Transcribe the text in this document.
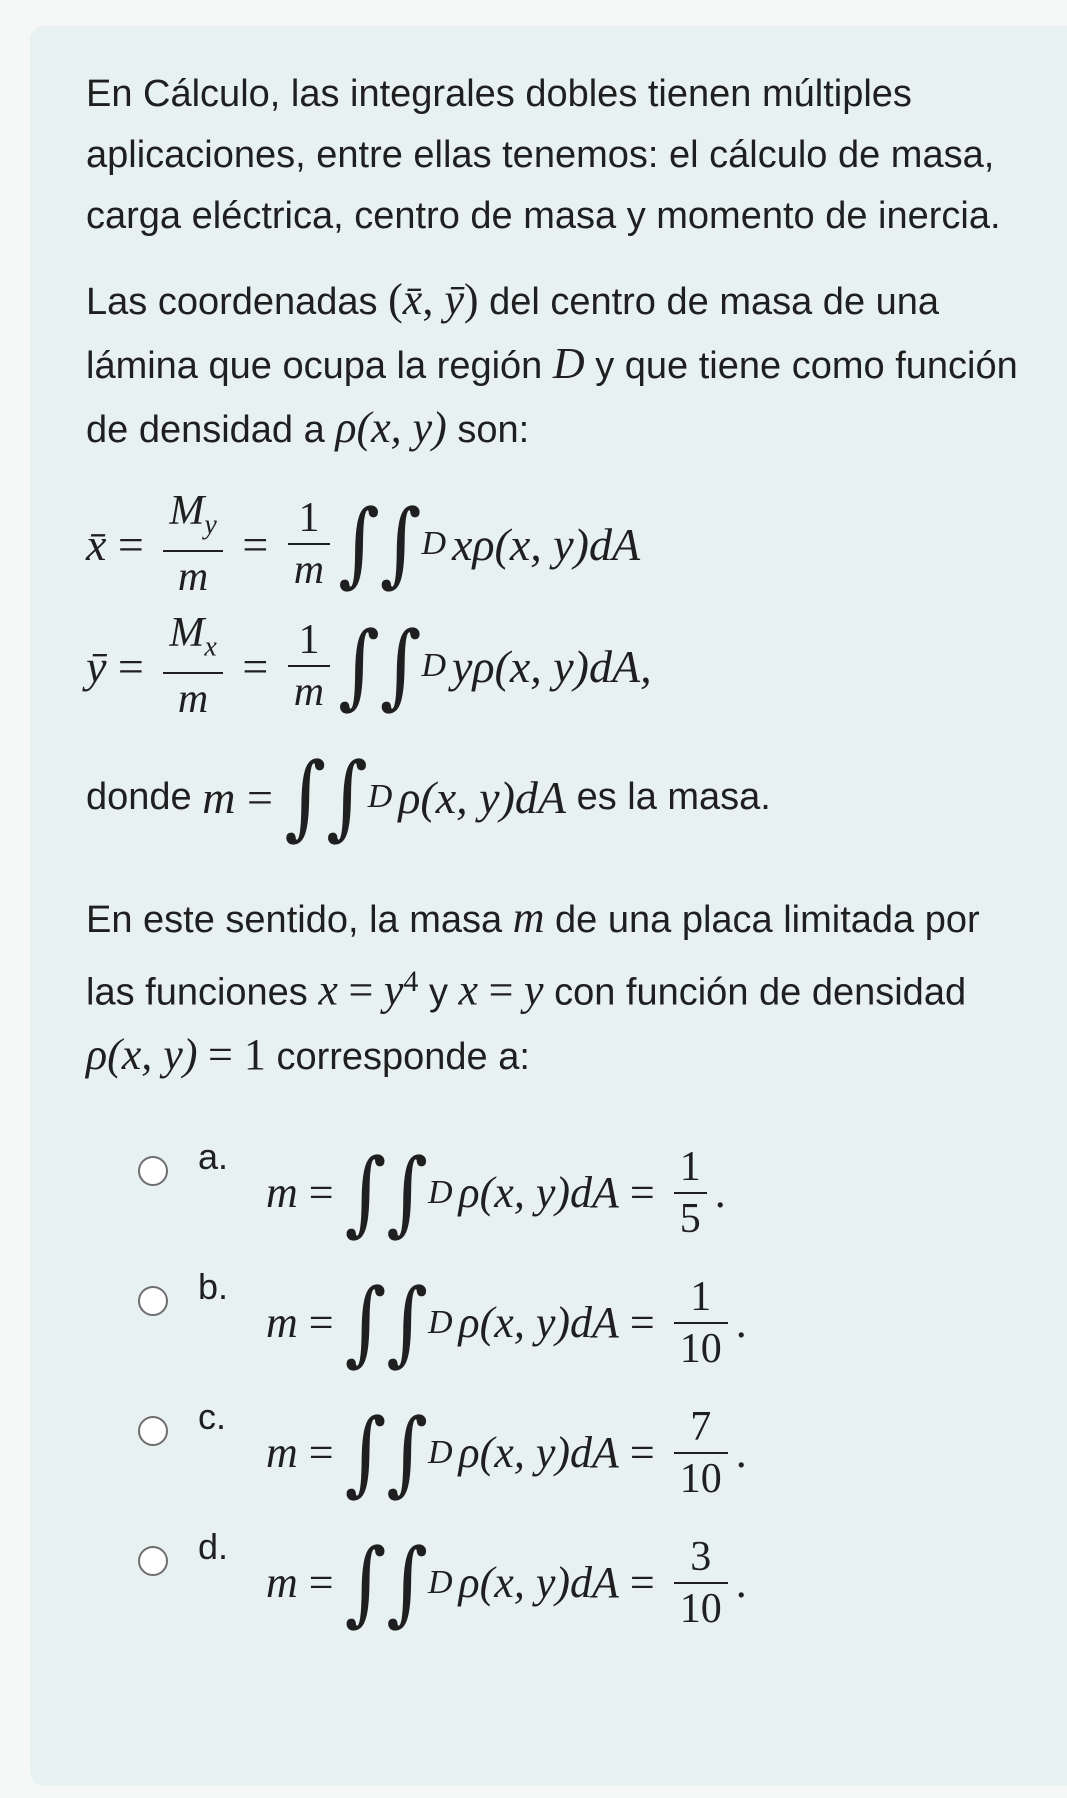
En Cálculo, las integrales dobles tienen múltiples aplicaciones, entre ellas tenemos: el cálculo de masa, carga eléctrica, centro de masa y momento de inercia.

Las coordenadas (x̄, ȳ) del centro de masa de una lámina que ocupa la región D y que tiene como función de densidad a ρ(x, y) son:

x̄ = $\frac{M_y}{m} = \frac{1}{m}$ ∫∫ D xρ(x, y)dA
ȳ = $\frac{M_x}{m} = \frac{1}{m}$ ∫∫ D yρ(x, y)dA,
donde
m = ∫∫ D ρ(x, y)dA
es la masa.

En este sentido, la masa m de una placa limitada por las funciones $x = y^4$ y x = y con función de densidad ρ(x, y) = 1 corresponde a:

a.
m = ∫∫ D ρ(x, $y)dA = \frac{1}{5}$ .
b.
m = ∫∫ D ρ(x, $y)dA = \frac{1}{10}$ .
c.
m = ∫∫ D ρ(x, $y)dA = \frac{7}{10}$ .
d.
m = ∫∫ D ρ(x, $y)dA = \frac{3}{10}$ .
